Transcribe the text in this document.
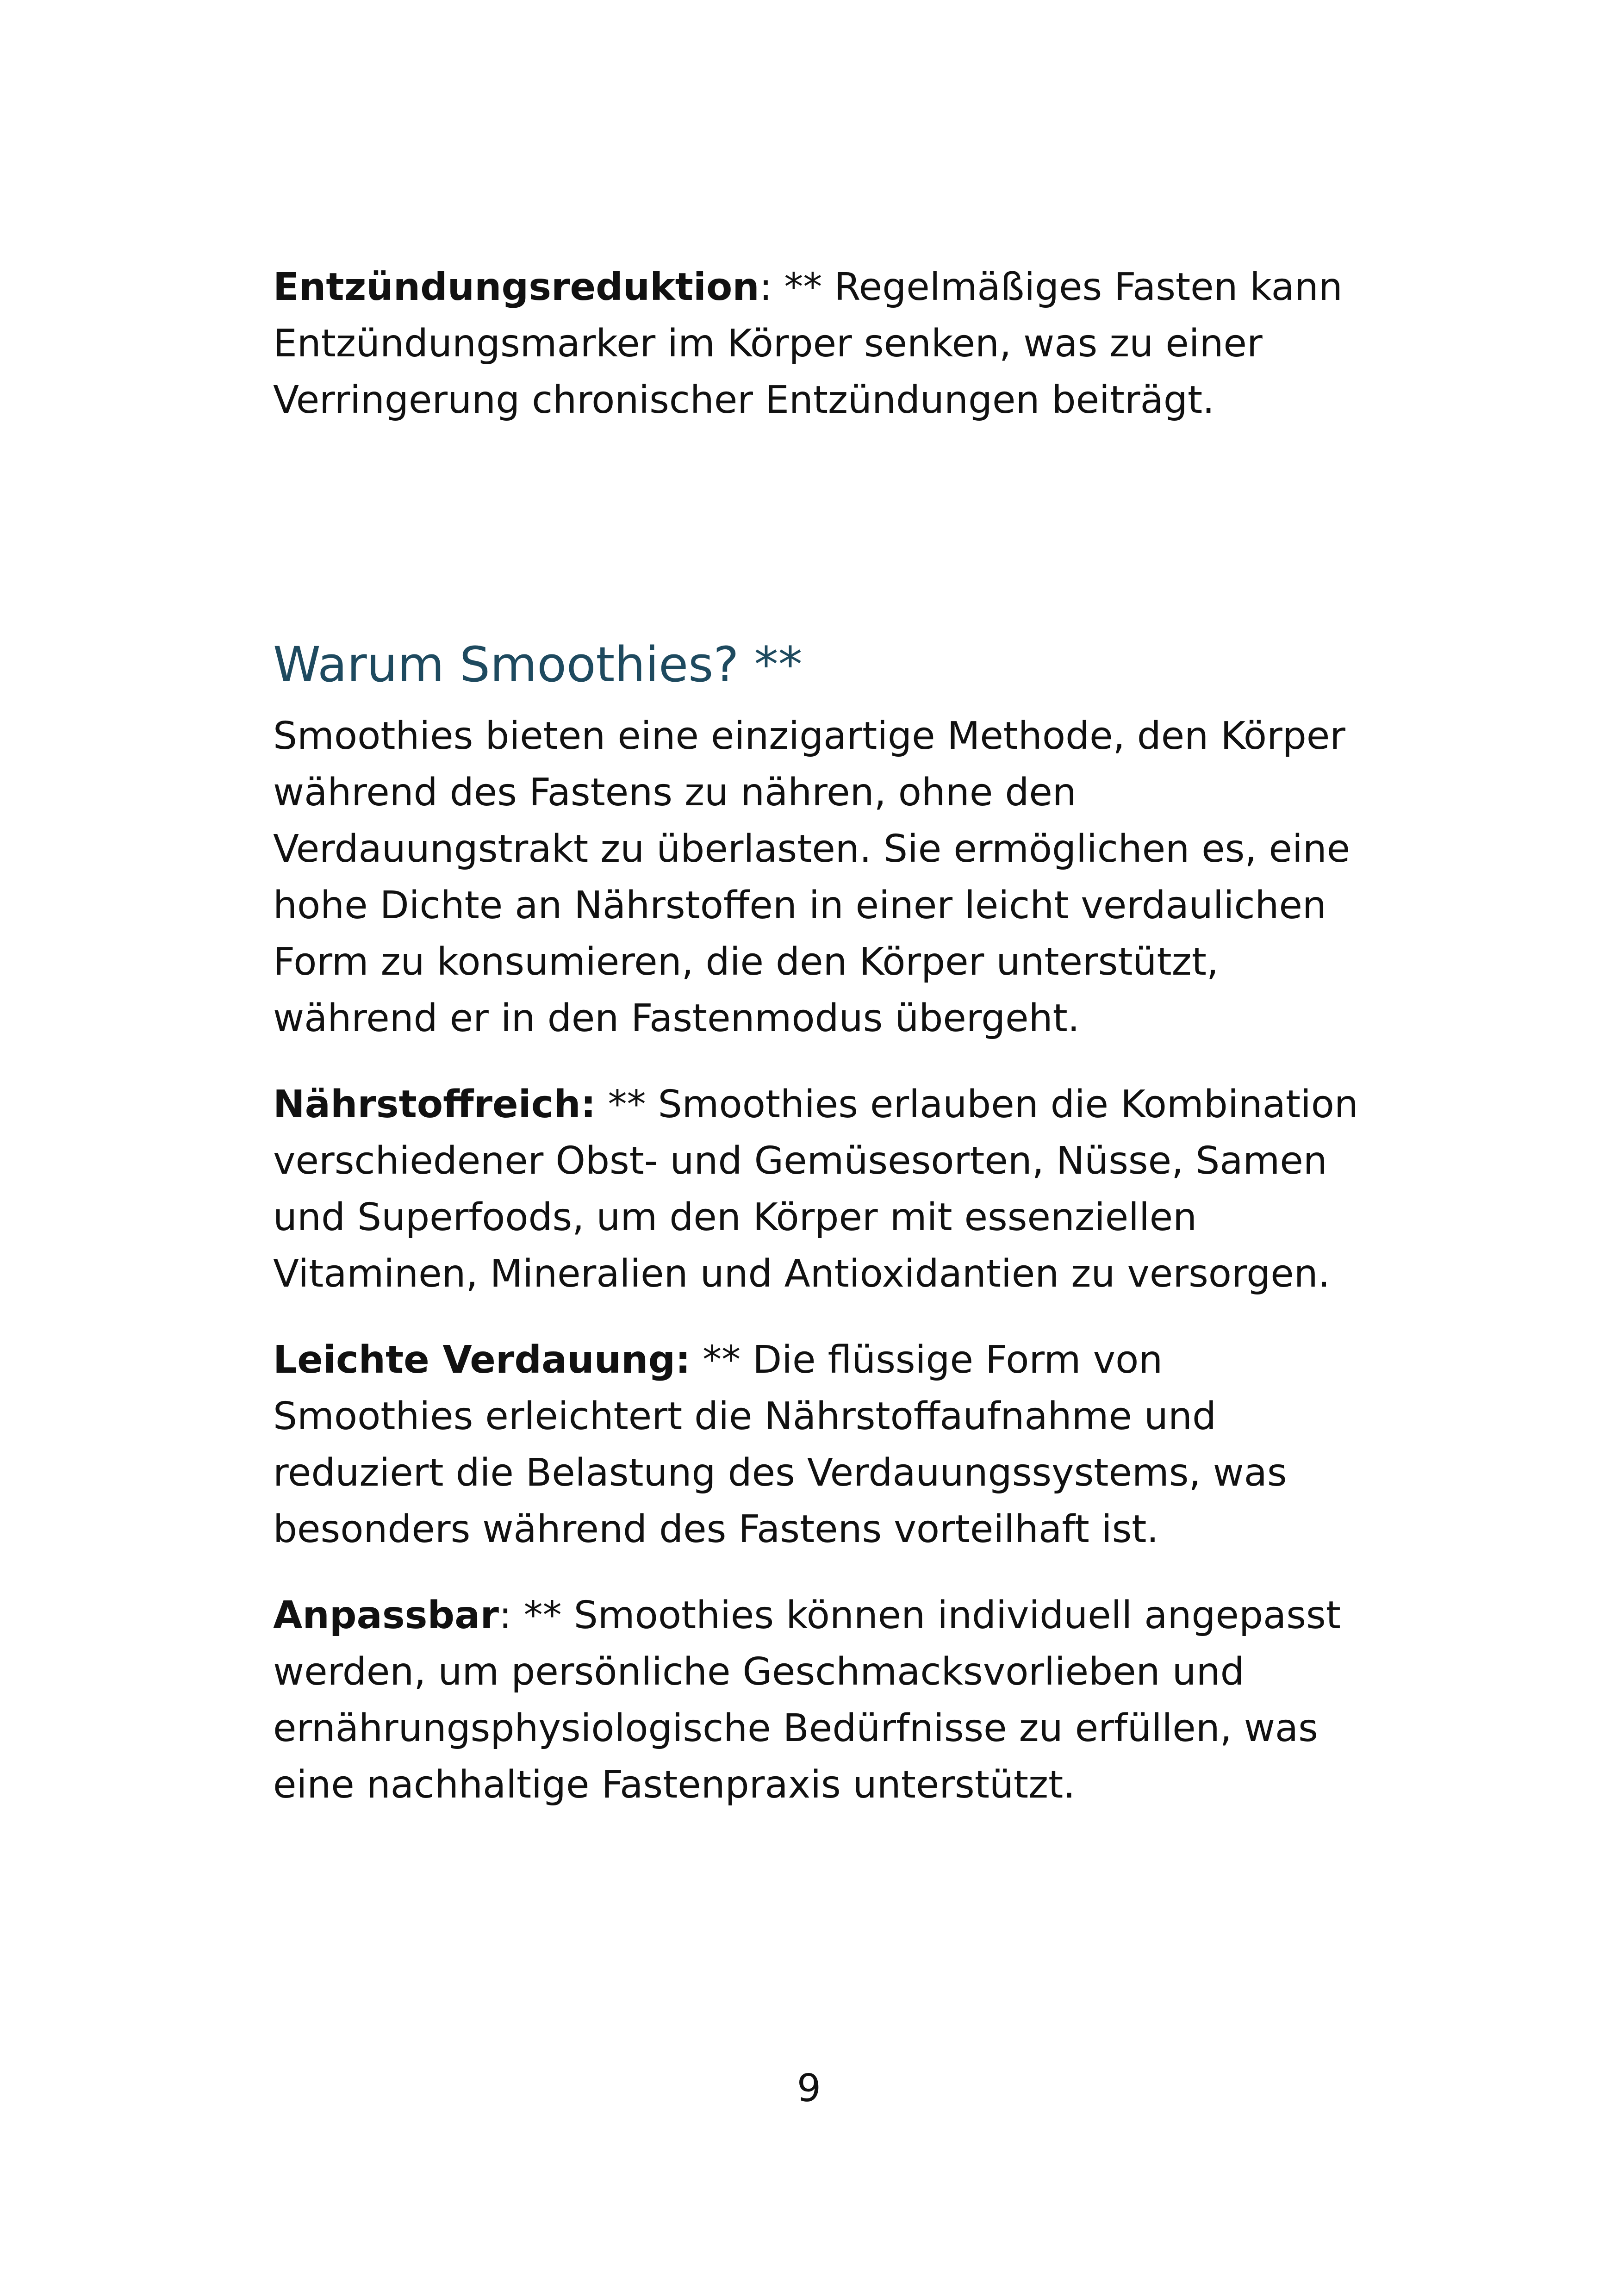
Entzündungsreduktion: ** Regelmäßiges Fasten kann Entzündungsmarker im Körper senken, was zu einer Verringerung chronischer Entzündungen beiträgt.

Warum Smoothies? **

Smoothies bieten eine einzigartige Methode, den Körper während des Fastens zu nähren, ohne den Verdauungstrakt zu überlasten. Sie ermöglichen es, eine hohe Dichte an Nährstoffen in einer leicht verdaulichen Form zu konsumieren, die den Körper unterstützt, während er in den Fastenmodus übergeht.

Nährstoffreich: ** Smoothies erlauben die Kombination verschiedener Obst- und Gemüsesorten, Nüsse, Samen und Superfoods, um den Körper mit essenziellen Vitaminen, Mineralien und Antioxidantien zu versorgen.

Leichte Verdauung: ** Die flüssige Form von Smoothies erleichtert die Nährstoffaufnahme und reduziert die Belastung des Verdauungssystems, was besonders während des Fastens vorteilhaft ist.

Anpassbar: ** Smoothies können individuell angepasst werden, um persönliche Geschmacksvorlieben und ernährungsphysiologische Bedürfnisse zu erfüllen, was eine nachhaltige Fastenpraxis unterstützt.

9
